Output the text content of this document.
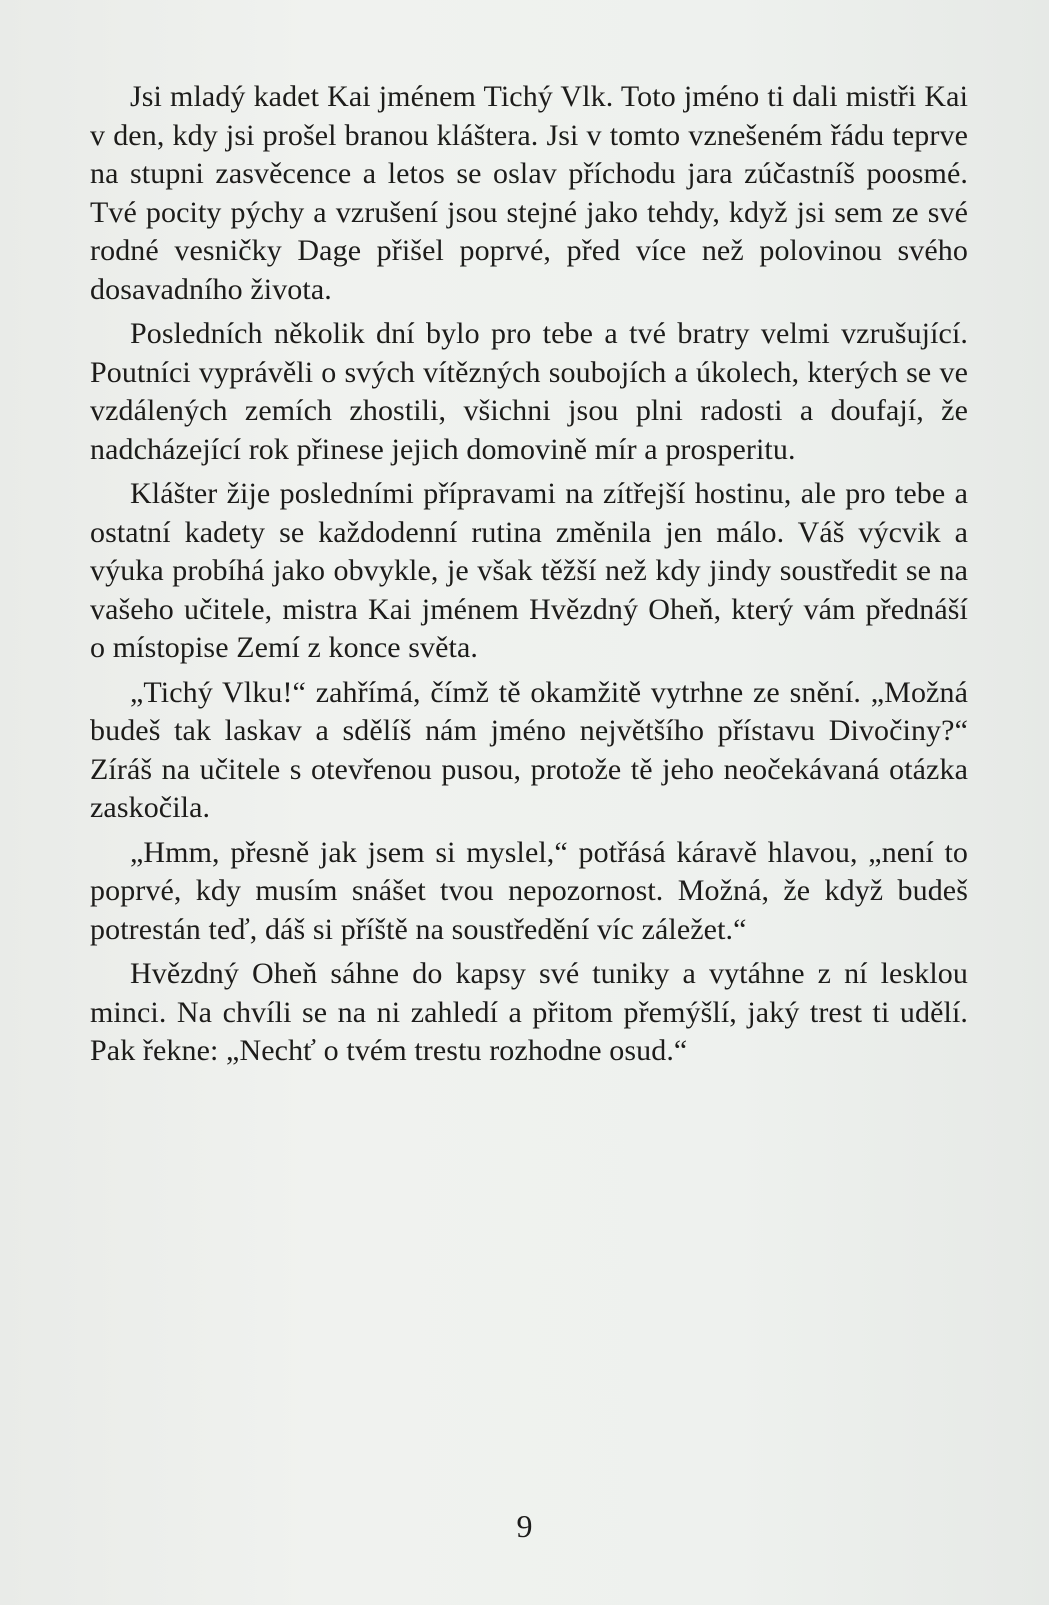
Jsi mladý kadet Kai jménem Tichý Vlk. Toto jméno ti dali mistři Kai v den, kdy jsi prošel branou kláštera. Jsi v tomto vznešeném řádu teprve na stupni zasvěcence a letos se oslav příchodu jara zúčastníš poosmé. Tvé pocity pýchy a vzrušení jsou stejné jako tehdy, když jsi sem ze své rodné vesničky Dage přišel poprvé, před více než polovinou svého dosavadního života.

Posledních několik dní bylo pro tebe a tvé bratry velmi vzrušující. Poutníci vyprávěli o svých vítězných soubojích a úkolech, kterých se ve vzdálených zemích zhostili, všichni jsou plni radosti a doufají, že nadcházející rok přinese jejich domovině mír a prosperitu.

Klášter žije posledními přípravami na zítřejší hostinu, ale pro tebe a ostatní kadety se každodenní rutina změnila jen málo. Váš výcvik a výuka probíhá jako obvykle, je však těžší než kdy jindy soustředit se na vašeho učitele, mistra Kai jménem Hvězdný Oheň, který vám přednáší o místopise Zemí z konce světa.

„Tichý Vlku!“ zahřímá, čímž tě okamžitě vytrhne ze snění. „Možná budeš tak laskav a sdělíš nám jméno největšího přístavu Divočiny?“ Zíráš na učitele s otevřenou pusou, protože tě jeho neočekávaná otázka zaskočila.

„Hmm, přesně jak jsem si myslel,“ potřásá káravě hlavou, „není to poprvé, kdy musím snášet tvou nepozornost. Možná, že když budeš potrestán teď, dáš si příště na soustředění víc záležet.“

Hvězdný Oheň sáhne do kapsy své tuniky a vytáhne z ní lesklou minci. Na chvíli se na ni zahledí a přitom přemýšlí, jaký trest ti udělí. Pak řekne: „Nechť o tvém trestu rozhodne osud.“

9
